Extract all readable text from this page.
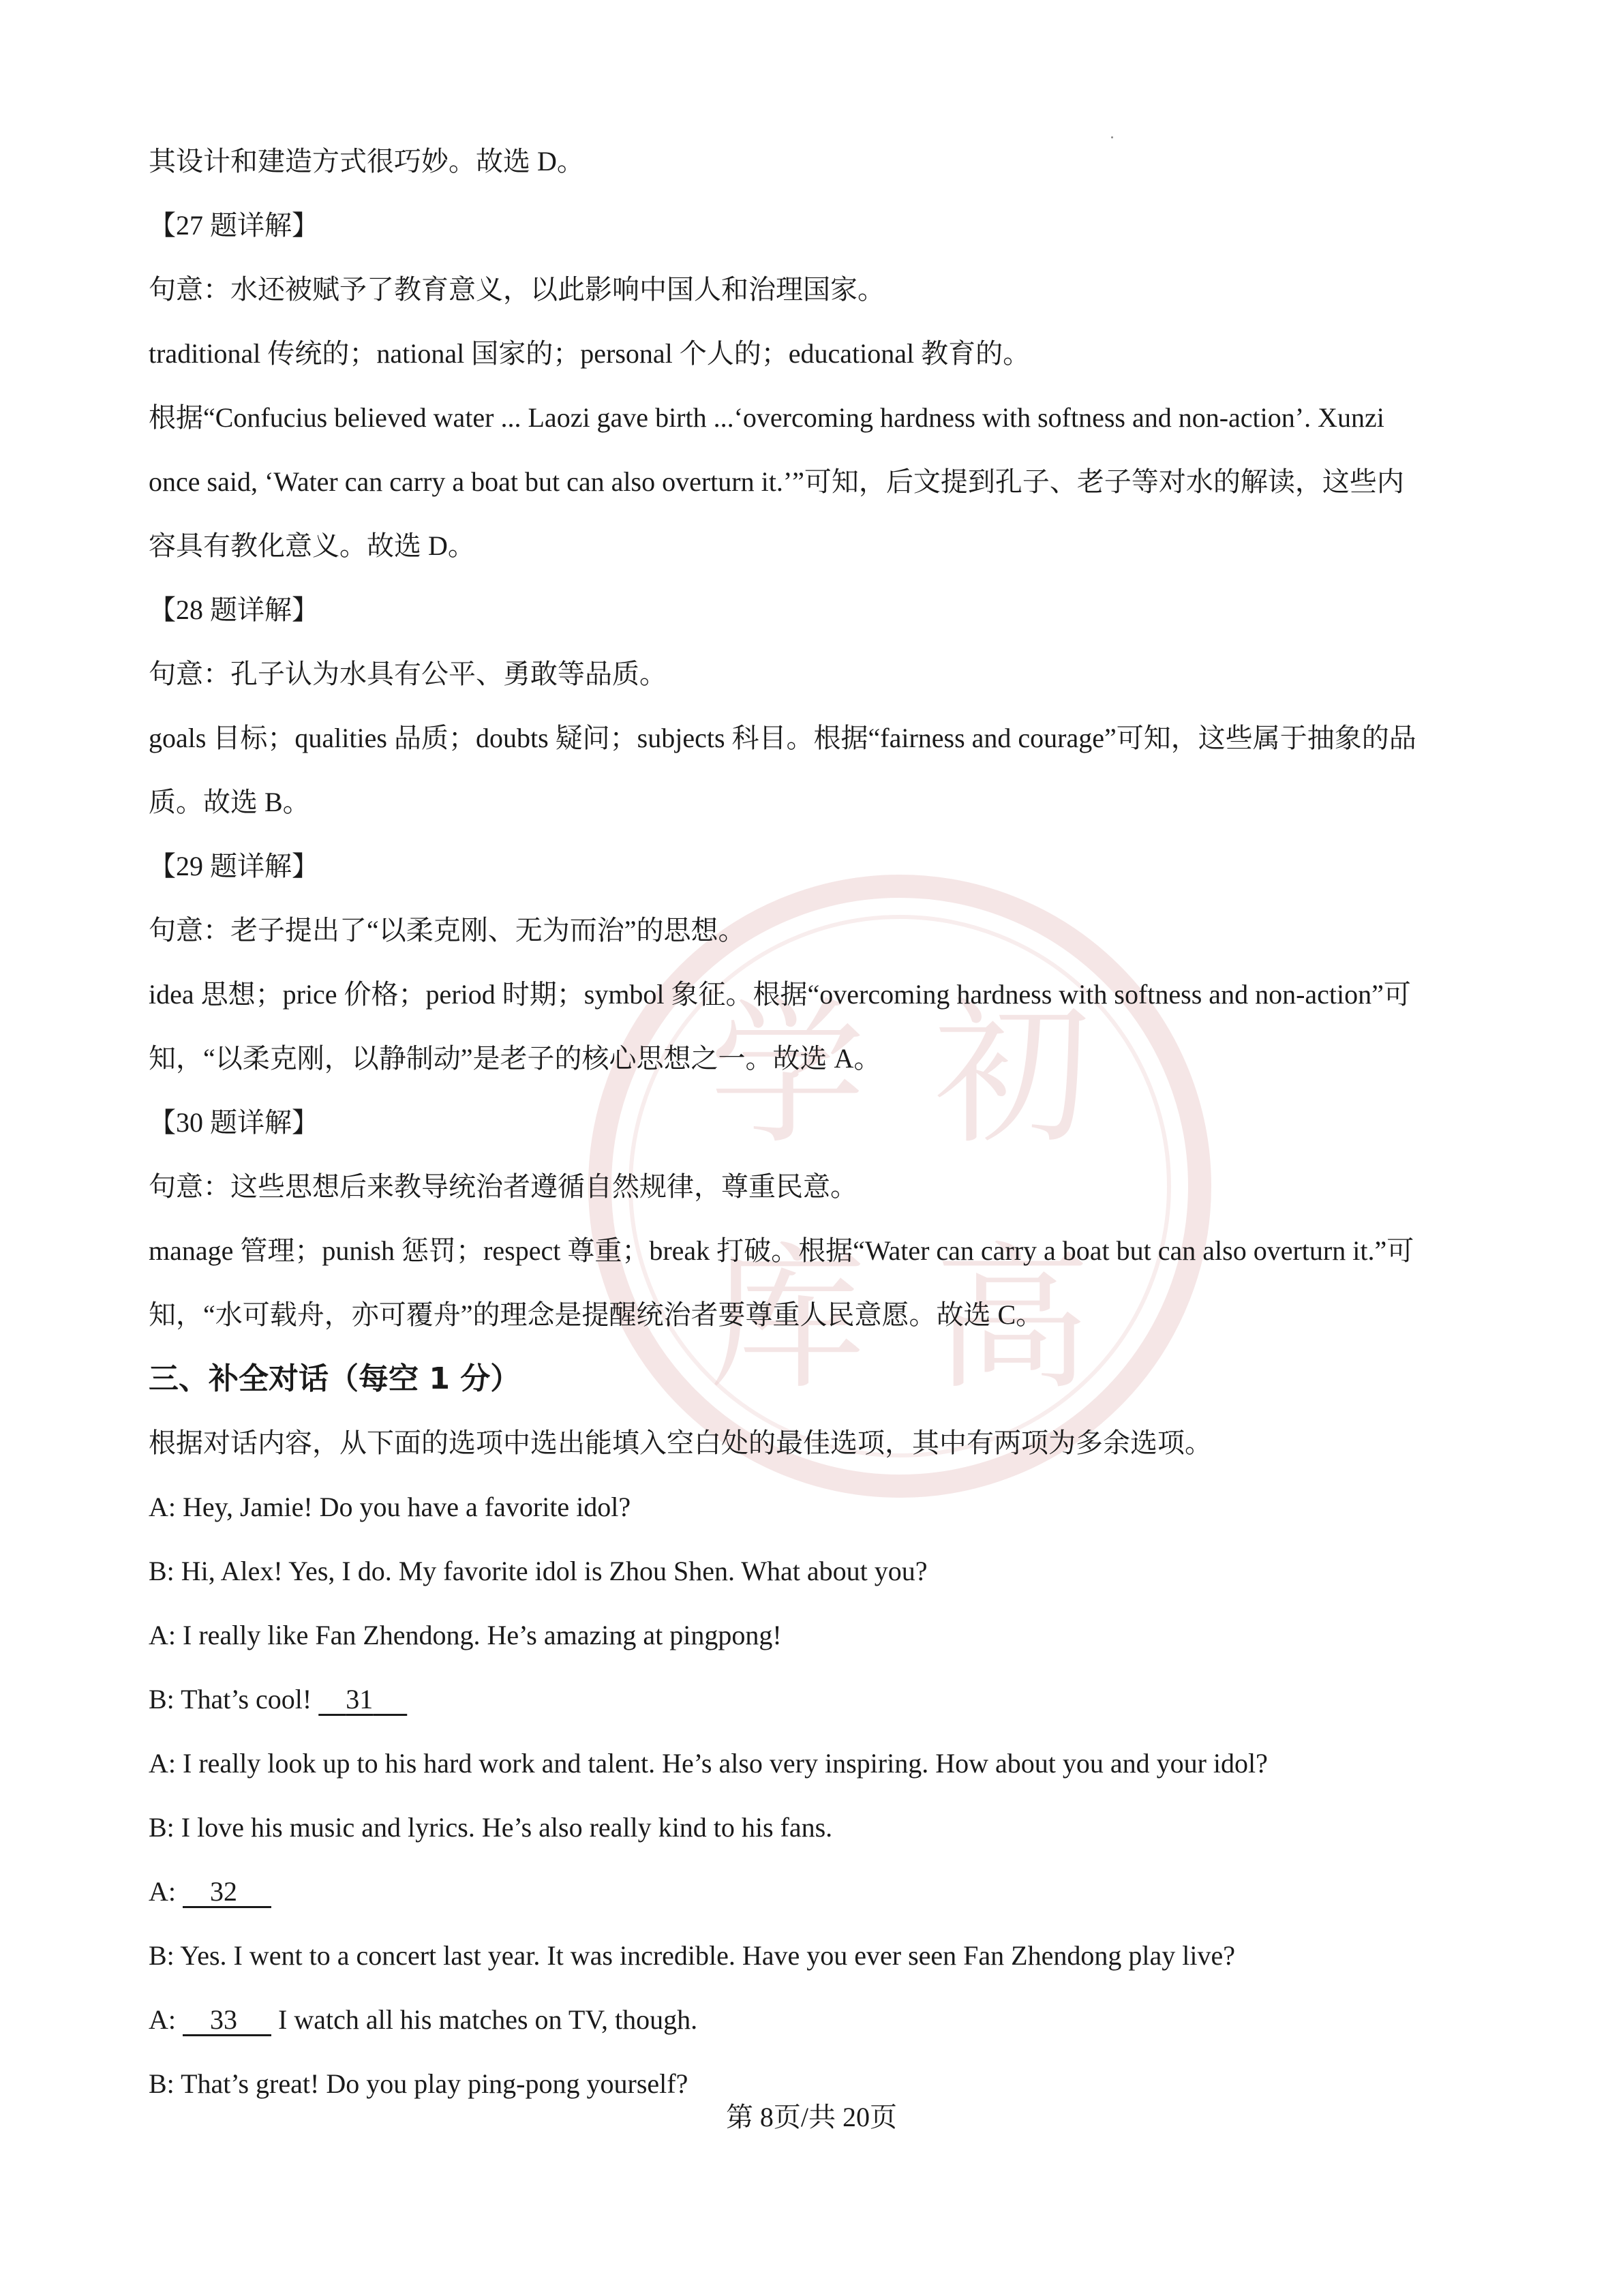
学 初
库 高

其设计和建造方式很巧妙。故选 D。

【27 题详解】

句意：水还被赋予了教育意义，以此影响中国人和治理国家。

traditional 传统的；national 国家的；personal 个人的；educational 教育的。

根据“Confucius believed water ... Laozi gave birth ...‘overcoming hardness with softness and non-action’. Xunzi

once said, ‘Water can carry a boat but can also overturn it.’”可知，后文提到孔子、老子等对水的解读，这些内

容具有教化意义。故选 D。

【28 题详解】

句意：孔子认为水具有公平、勇敢等品质。

goals 目标；qualities 品质；doubts 疑问；subjects 科目。根据“fairness and courage”可知，这些属于抽象的品

质。故选 B。

【29 题详解】

句意：老子提出了“以柔克刚、无为而治”的思想。

idea 思想；price 价格；period 时期；symbol 象征。根据“overcoming hardness with softness and non-action”可

知，“以柔克刚，以静制动”是老子的核心思想之一。故选 A。

【30 题详解】

句意：这些思想后来教导统治者遵循自然规律，尊重民意。

manage 管理；punish 惩罚；respect 尊重；break 打破。根据“Water can carry a boat but can also overturn it.”可

知，“水可载舟，亦可覆舟”的理念是提醒统治者要尊重人民意愿。故选 C。

三、补全对话（每空 1 分）

根据对话内容，从下面的选项中选出能填入空白处的最佳选项，其中有两项为多余选项。

A: Hey, Jamie! Do you have a favorite idol?

B: Hi, Alex! Yes, I do. My favorite idol is Zhou Shen. What about you?

A: I really like Fan Zhendong. He’s amazing at pingpong!

B: That’s cool!     31

A: I really look up to his hard work and talent. He’s also very inspiring. How about you and your idol?

B: I love his music and lyrics. He’s also really kind to his fans.

A:     32

B: Yes. I went to a concert last year. It was incredible. Have you ever seen Fan Zhendong play live?

A:     33      I watch all his matches on TV, though.

B: That’s great! Do you play ping-pong yourself?

第 8页/共 20页
